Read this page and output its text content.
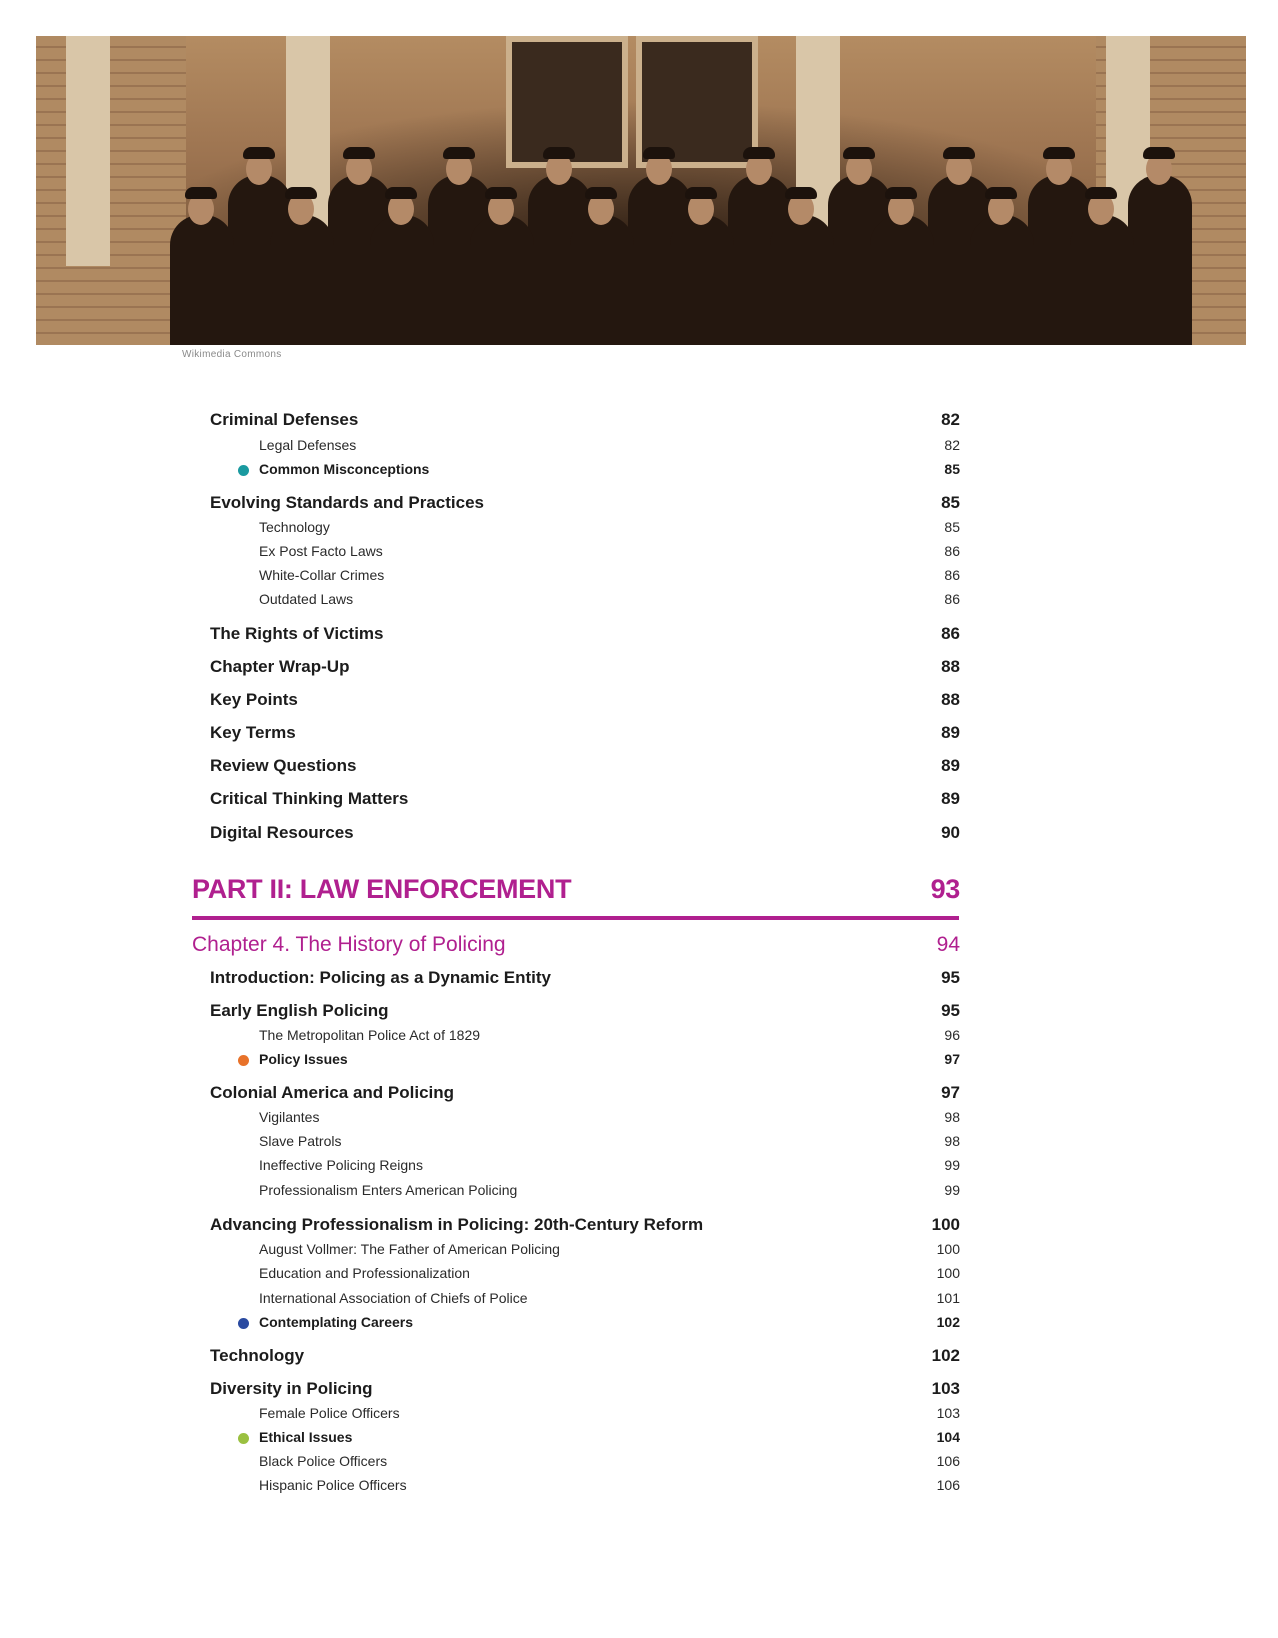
Wikimedia Commons
Criminal Defenses	82
Legal Defenses	82
Common Misconceptions	85
Evolving Standards and Practices	85
Technology	85
Ex Post Facto Laws	86
White-Collar Crimes	86
Outdated Laws	86
The Rights of Victims	86
Chapter Wrap-Up	88
Key Points	88
Key Terms	89
Review Questions	89
Critical Thinking Matters	89
Digital Resources	90
PART II: LAW ENFORCEMENT	93
Chapter 4. The History of Policing	94
Introduction: Policing as a Dynamic Entity	95
Early English Policing	95
The Metropolitan Police Act of 1829	96
Policy Issues	97
Colonial America and Policing	97
Vigilantes	98
Slave Patrols	98
Ineffective Policing Reigns	99
Professionalism Enters American Policing	99
Advancing Professionalism in Policing: 20th-Century Reform	100
August Vollmer: The Father of American Policing	100
Education and Professionalization	100
International Association of Chiefs of Police	101
Contemplating Careers	102
Technology	102
Diversity in Policing	103
Female Police Officers	103
Ethical Issues	104
Black Police Officers	106
Hispanic Police Officers	106
